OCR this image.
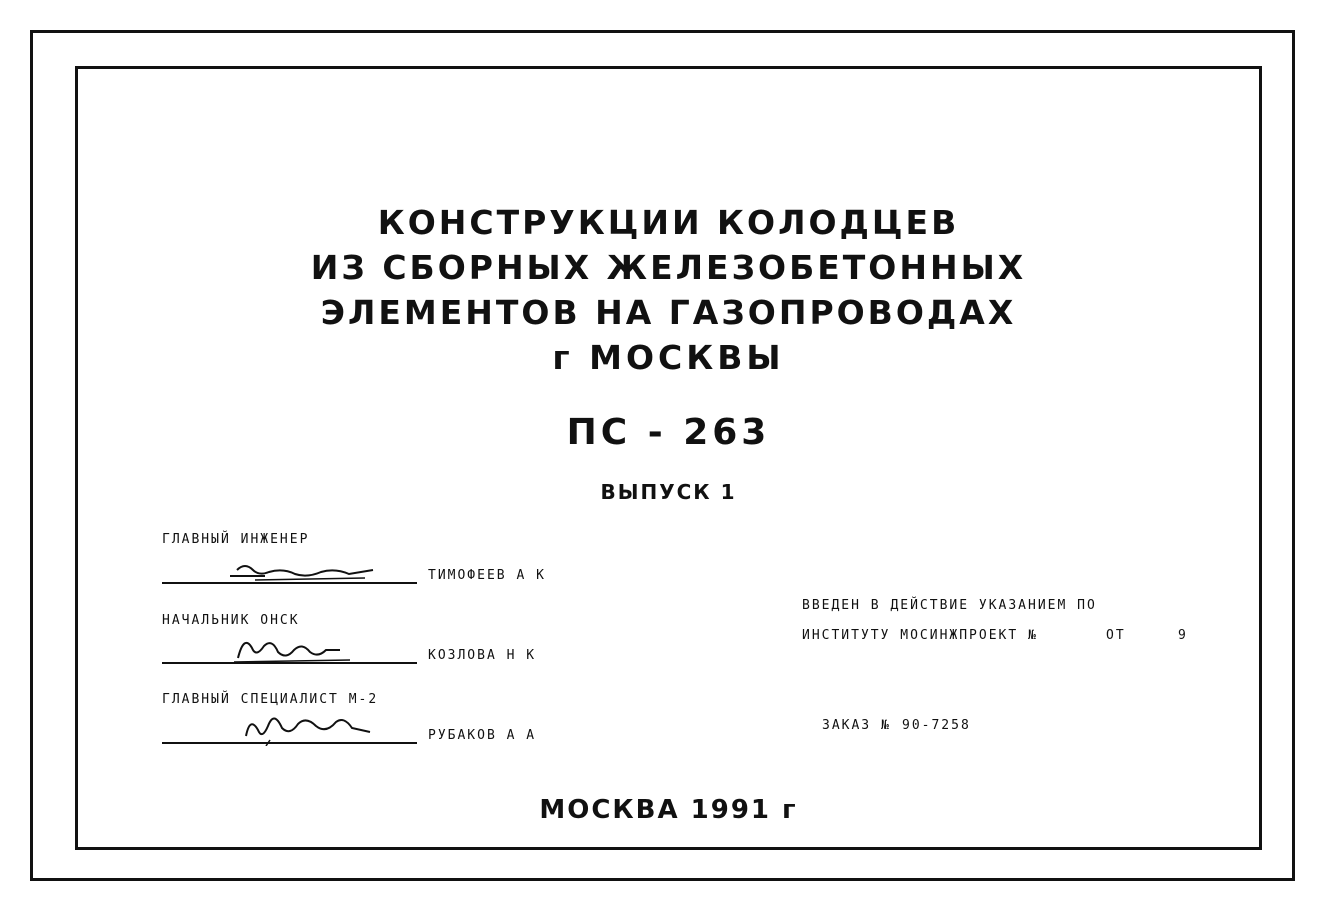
КОНСТРУКЦИИ КОЛОДЦЕВ

ИЗ СБОРНЫХ ЖЕЛЕЗОБЕТОННЫХ

ЭЛЕМЕНТОВ НА ГАЗОПРОВОДАХ

г МОСКВЫ

ПС - 263
ВЫПУСК 1
ГЛАВНЫЙ ИНЖЕНЕР
ТИМОФЕЕВ А К
НАЧАЛЬНИК ОНСК
КОЗЛОВА Н К
ГЛАВНЫЙ СПЕЦИАЛИСТ М-2
РУБАКОВ А А
ВВЕДЕН В ДЕЙСТВИЕ УКАЗАНИЕМ ПО
ИНСТИТУТУ МОСИНЖПРОЕКТ №	ОТ	9
ЗАКАЗ № 90-7258
МОСКВА 1991 г
